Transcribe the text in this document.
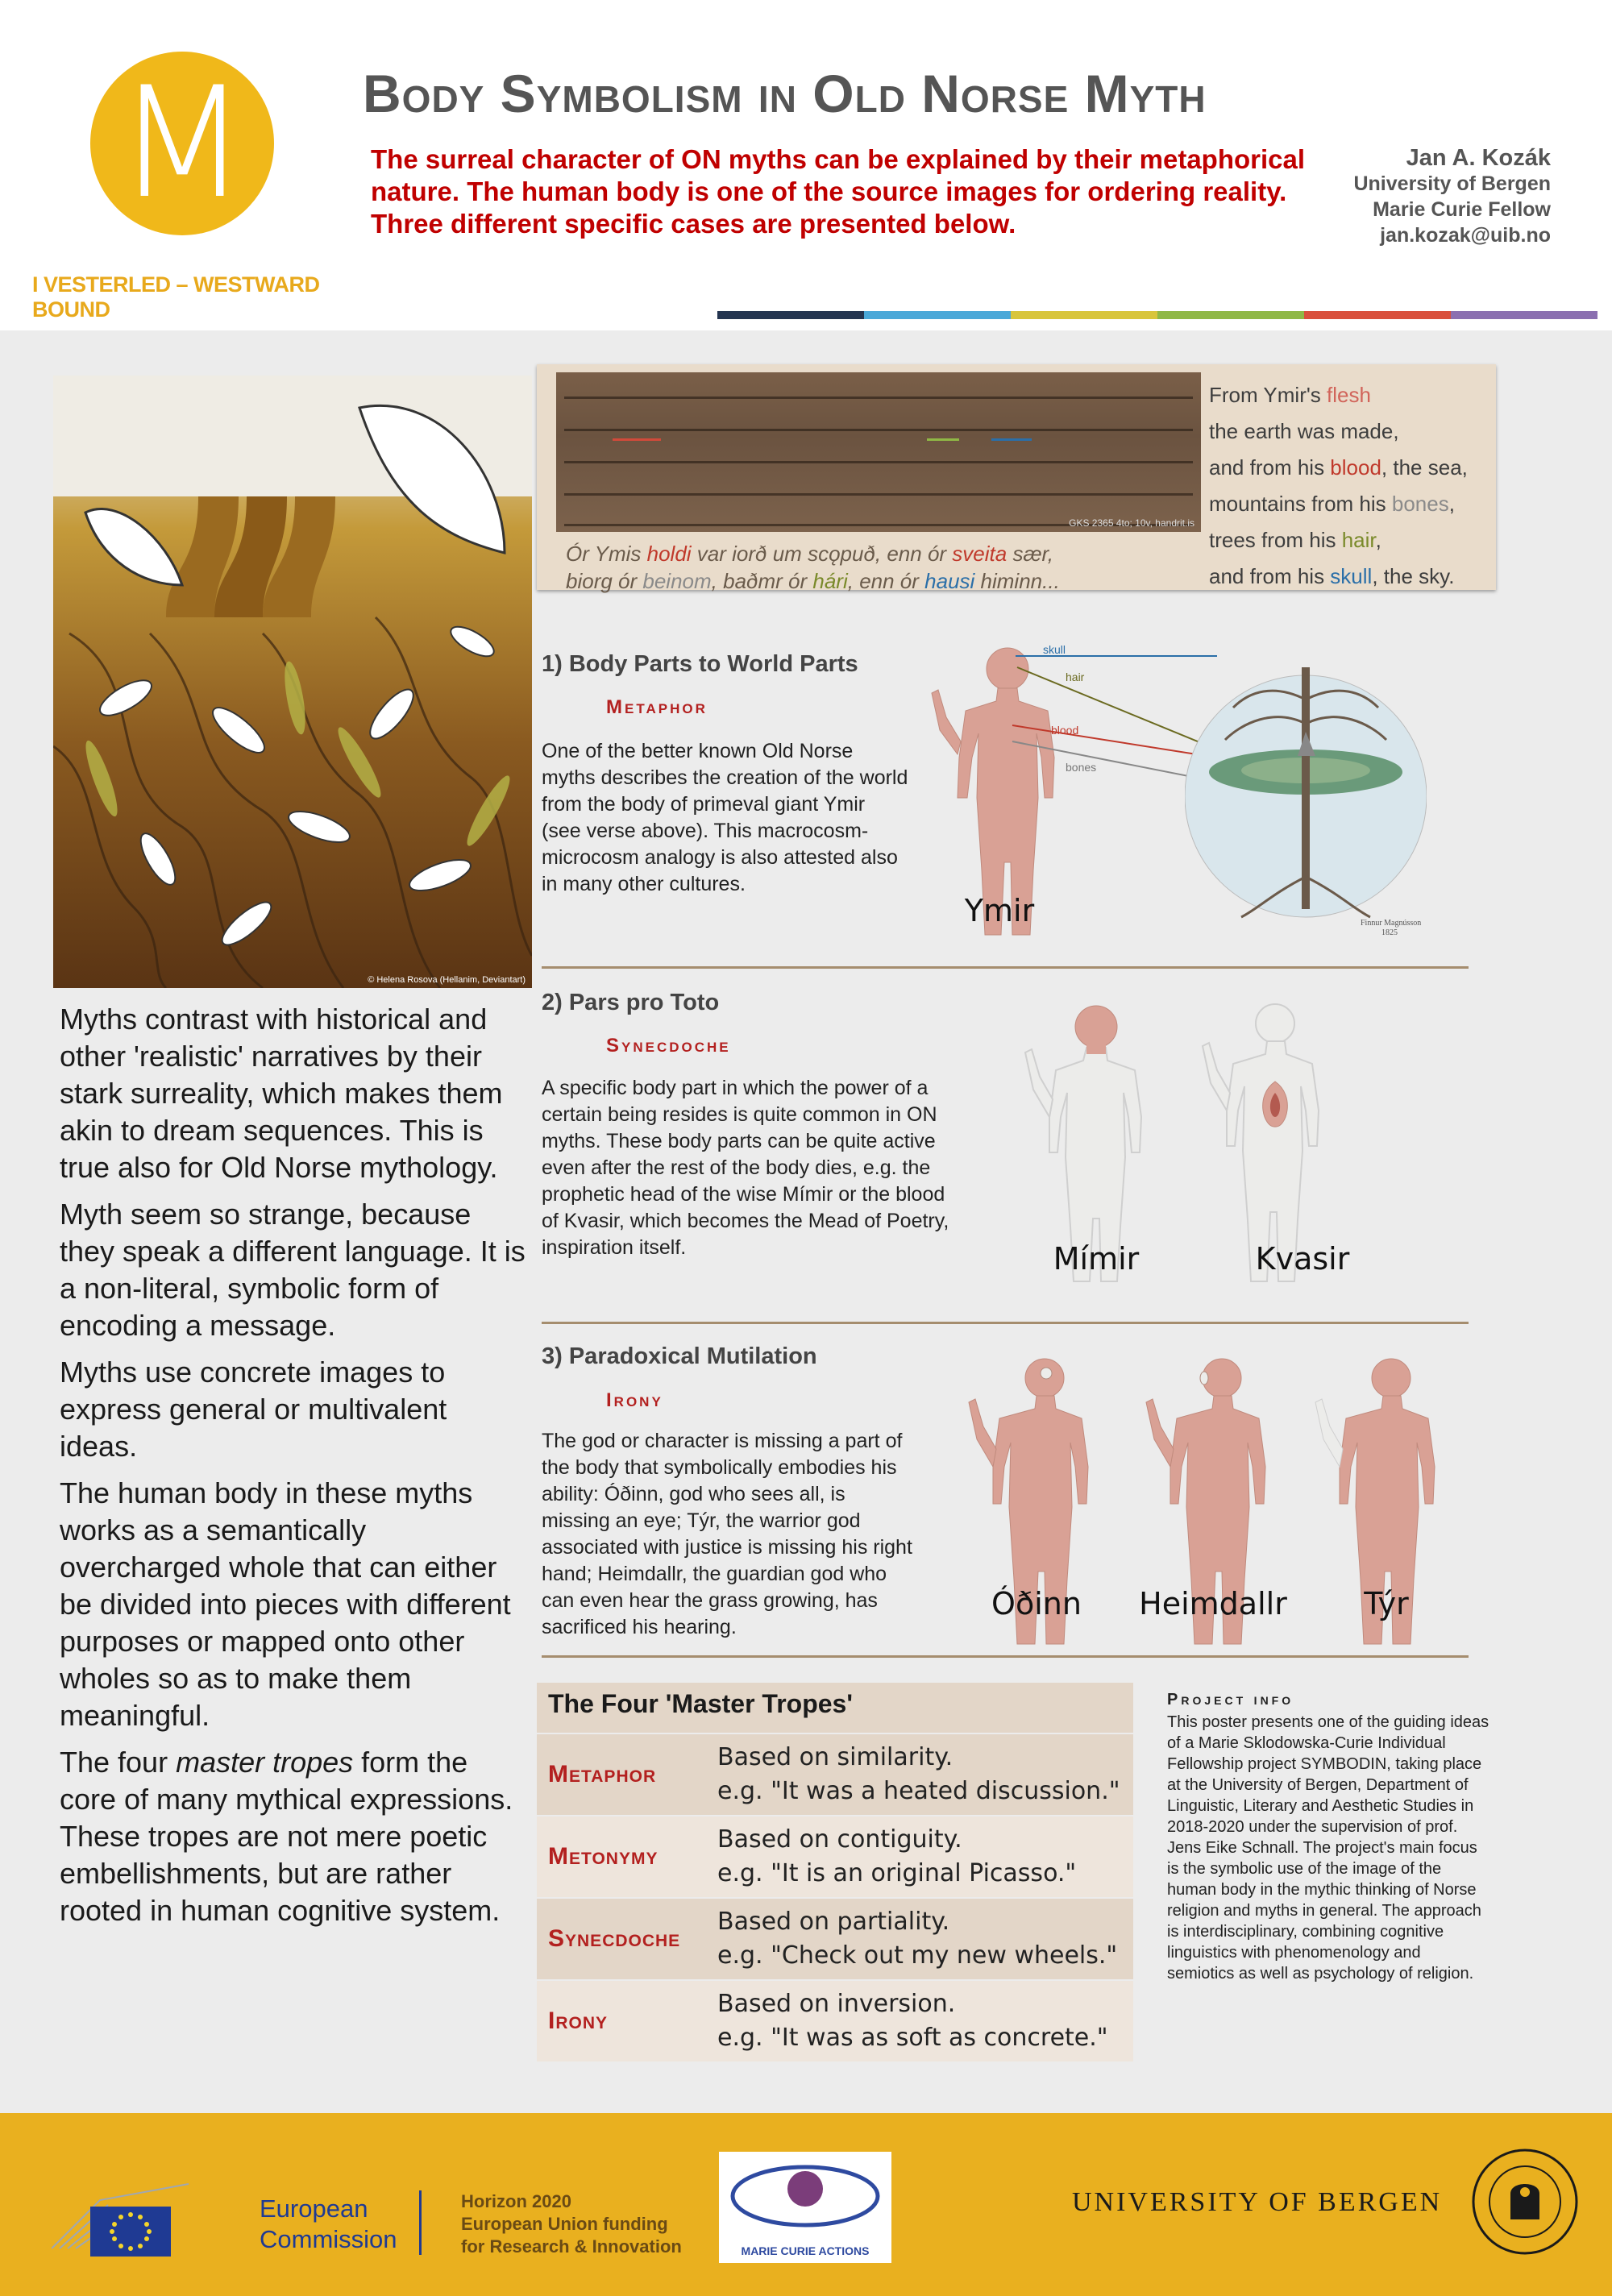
M
I VESTERLED – WESTWARD BOUND
Body Symbolism in Old Norse Myth
The surreal character of ON myths can be explained by their metaphorical nature. The human body is one of the source images for ordering reality. Three different specific cases are presented below.
Jan A. Kozák
University of Bergen
Marie Curie Fellow
jan.kozak@uib.no
© Helena Rosova (Hellanim, Deviantart)

Myths contrast with historical and other 'realistic' narratives by their stark surreality, which makes them akin to dream sequences. This is true also for Old Norse mythology.

Myth seem so strange, because they speak a different language. It is a non-literal, symbolic form of encoding a message.

Myths use concrete images to express general or multivalent ideas.

The human body in these myths works as a semantically overcharged whole that can either be divided into pieces with different purposes or mapped onto other wholes so as to make them meaningful.

The four master tropes form the core of many mythical expressions. These tropes are not mere poetic embellishments, but are rather rooted in human cognitive system.

GKS 2365 4to; 10v, handrit.is
Ór Ymis holdi var iorð um scǫpuð, enn ór sveita sær,
biorg ór beinom, baðmr ór hári, enn ór hausi himinn...
From Ymir's flesh
the earth was made,
and from his blood, the sea,
mountains from his bones,
trees from his hair,
and from his skull, the sky.
1) Body Parts to World Parts
Metaphor
One of the better known Old Norse myths describes the creation of the world from the body of primeval giant Ymir (see verse above). This macrocosm-microcosm analogy is also attested also in many other cultures.
skull
hair
blood
bones
Ymir	Finnur Magnússon
1825
2) Pars pro Toto
Synecdoche
A specific body part in which the power of a certain being resides is quite common in ON myths. These body parts can be quite active even after the rest of the body dies, e.g. the prophetic head of the wise Mímir or the blood of Kvasir, which becomes the Mead of Poetry, inspiration itself.	Mímir	Kvasir
3) Paradoxical Mutilation
Irony
The god or character is missing a part of the body that symbolically embodies his ability: Óðinn, god who sees all, is missing an eye; Týr, the warrior god associated with justice is missing his right hand; Heimdallr, the guardian god who can even hear the grass growing, has sacrificed his hearing.
Óðinn	Heimdallr	Týr
The Four 'Master Tropes'
Metaphor
Based on similarity.
e.g. "It was a heated discussion."
Metonymy
Based on contiguity.
e.g. "It is an original Picasso."
Synecdoche
Based on partiality.
e.g. "Check out my new wheels."
Irony
Based on inversion.
e.g. "It was as soft as concrete."
Project info
This poster presents one of the guiding ideas of a Marie Sklodowska-Curie Individual Fellowship project SYMBODIN, taking place at the University of Bergen, Department of Linguistic, Literary and Aesthetic Studies in 2018-2020 under the supervision of prof. Jens Eike Schnall. The project's main focus is the symbolic use of the image of the human body in the mythic thinking of Norse religion and myths in general. The approach is interdisciplinary, combining cognitive linguistics with phenomenology and semiotics as well as psychology of religion.
European
Commission
Horizon 2020
European Union funding
for Research & Innovation	MARIE CURIE ACTIONS
UNIVERSITY OF BERGEN
